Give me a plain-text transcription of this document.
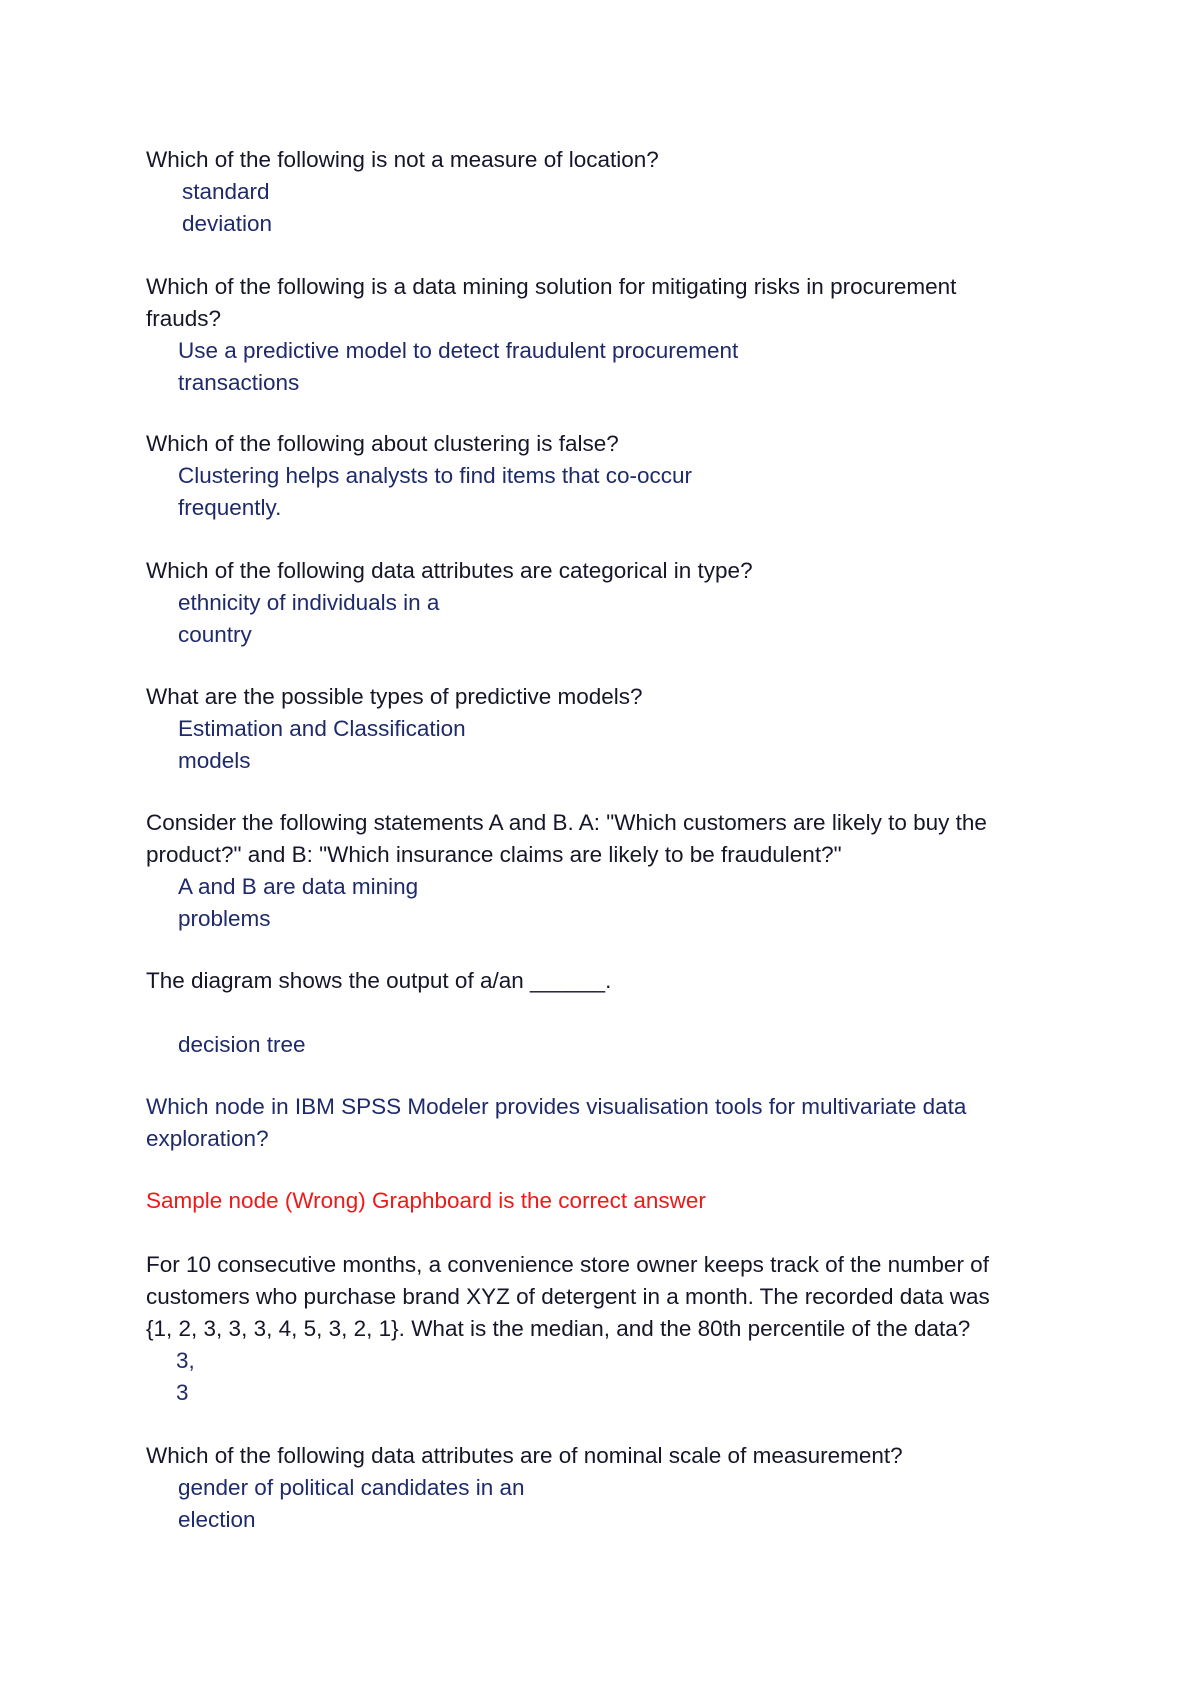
Which of the following is not a measure of location?

standard
deviation

Which of the following is a data mining solution for mitigating risks in procurement
frauds?

Use a predictive model to detect fraudulent procurement
transactions

Which of the following about clustering is false?

Clustering helps analysts to find items that co-occur
frequently.

Which of the following data attributes are categorical in type?

ethnicity of individuals in a
country

What are the possible types of predictive models?

Estimation and Classification
models

Consider the following statements A and B. A: "Which customers are likely to buy the
product?" and B: "Which insurance claims are likely to be fraudulent?"

A and B are data mining
problems

The diagram shows the output of a/an ______.

decision tree

Which node in IBM SPSS Modeler provides visualisation tools for multivariate data
exploration?

Sample node (Wrong) Graphboard is the correct answer

For 10 consecutive months, a convenience store owner keeps track of the number of
customers who purchase brand XYZ of detergent in a month. The recorded data was
{1, 2, 3, 3, 3, 4, 5, 3, 2, 1}. What is the median, and the 80th percentile of the data?

3,
3

Which of the following data attributes are of nominal scale of measurement?

gender of political candidates in an
election
